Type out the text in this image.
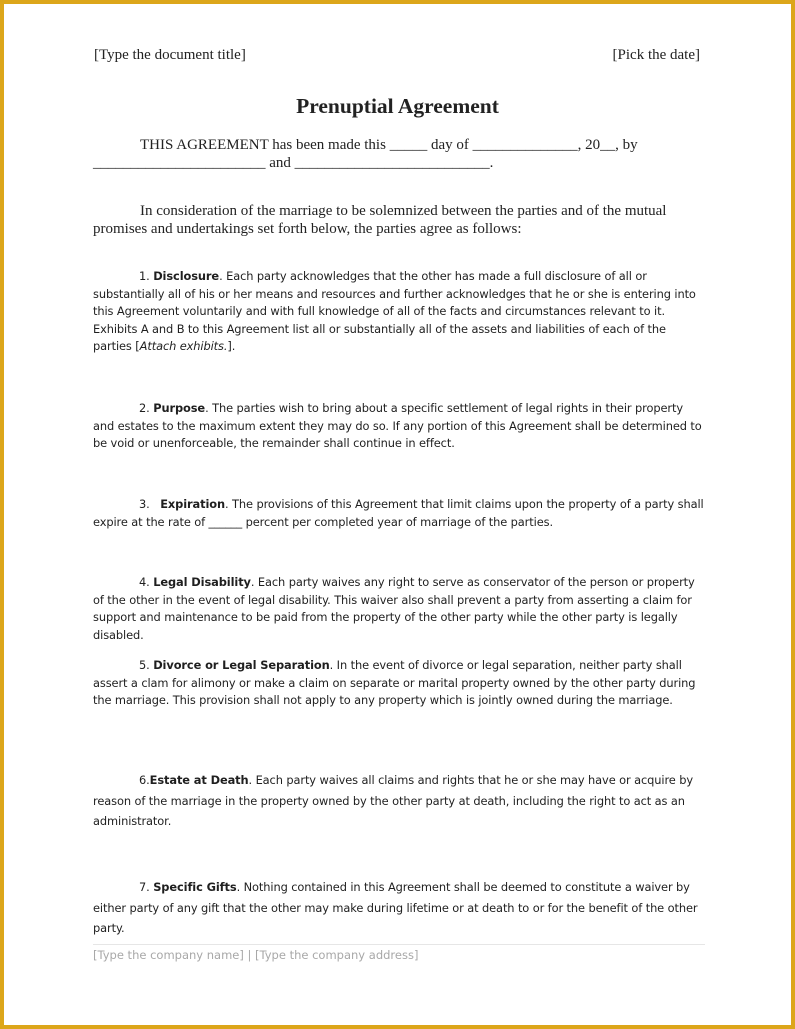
[Type the document title]	[Pick the date]
Prenuptial Agreement
THIS AGREEMENT has been made this _____ day of ______________, 20__, by
_______________________ and __________________________.
In consideration of the marriage to be solemnized between the parties and of the mutual
promises and undertakings set forth below, the parties agree as follows:

1. Disclosure. Each party acknowledges that the other has made a full disclosure of all or substantially all of his or her means and resources and further acknowledges that he or she is entering into this Agreement voluntarily and with full knowledge of all of the facts and circumstances relevant to it. Exhibits A and B to this Agreement list all or substantially all of the assets and liabilities of each of the parties [Attach exhibits.].

2. Purpose. The parties wish to bring about a specific settlement of legal rights in their property and estates to the maximum extent they may do so. If any portion of this Agreement shall be determined to be void or unenforceable, the remainder shall continue in effect.

3. Expiration. The provisions of this Agreement that limit claims upon the property of a party shall expire at the rate of ______ percent per completed year of marriage of the parties.

4. Legal Disability. Each party waives any right to serve as conservator of the person or property of the other in the event of legal disability. This waiver also shall prevent a party from asserting a claim for support and maintenance to be paid from the property of the other party while the other party is legally disabled.

5. Divorce or Legal Separation. In the event of divorce or legal separation, neither party shall assert a clam for alimony or make a claim on separate or marital property owned by the other party during the marriage. This provision shall not apply to any property which is jointly owned during the marriage.

6.Estate at Death. Each party waives all claims and rights that he or she may have or acquire by reason of the marriage in the property owned by the other party at death, including the right to act as an administrator.

7. Specific Gifts. Nothing contained in this Agreement shall be deemed to constitute a waiver by either party of any gift that the other may make during lifetime or at death to or for the benefit of the other party.

[Type the company name] | [Type the company address]
